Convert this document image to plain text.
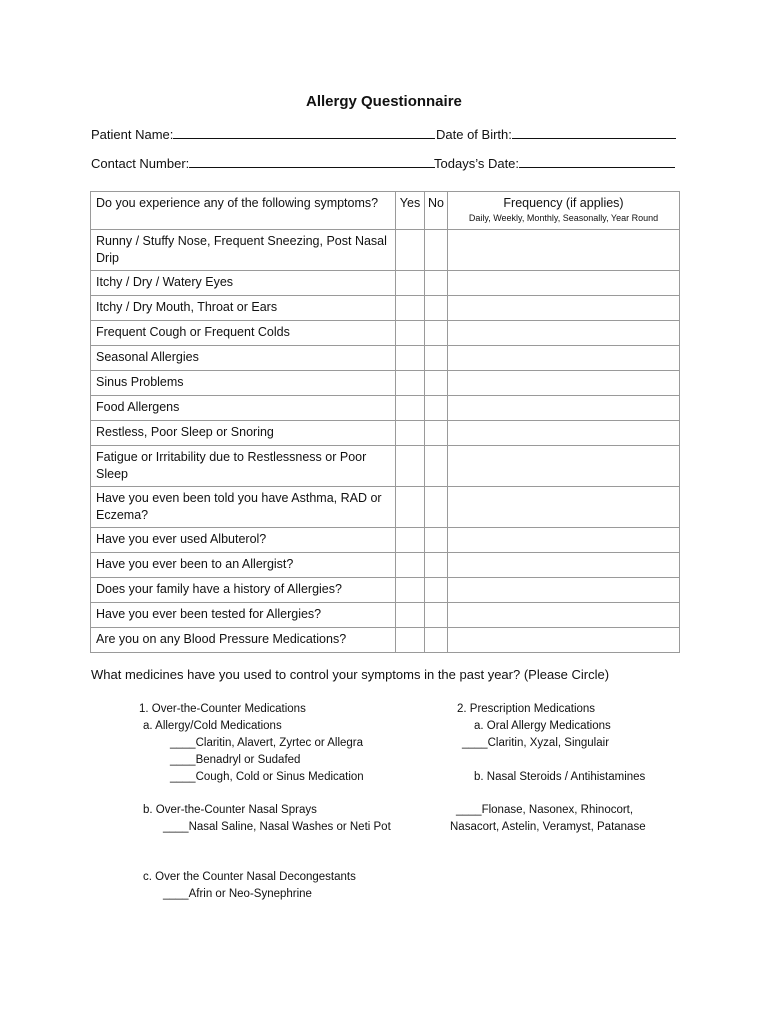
Allergy Questionnaire
Patient Name:	Date of Birth:
Contact Number:	Todays’s Date:
Do you experience any of the following symptoms?	Yes	No	Frequency (if applies)
Daily, Weekly, Monthly, Seasonally, Year Round

Runny / Stuffy Nose, Frequent Sneezing, Post Nasal Drip			
Itchy / Dry / Watery Eyes			
Itchy / Dry Mouth, Throat or Ears			
Frequent Cough or Frequent Colds			
Seasonal Allergies			
Sinus Problems			
Food Allergens			
Restless, Poor Sleep or Snoring			
Fatigue or Irritability due to Restlessness or Poor Sleep			
Have you even been told you have Asthma, RAD or Eczema?			
Have you ever used Albuterol?			
Have you ever been to an Allergist?			
Does your family have a history of Allergies?			
Have you ever been tested for Allergies?			
Are you on any Blood Pressure Medications?			
What medicines have you used to control your symptoms in the past year? (Please Circle)
1. Over-the-Counter Medications
a. Allergy/Cold Medications
____Claritin, Alavert, Zyrtec or Allegra
____Benadryl or Sudafed
____Cough, Cold or Sinus Medication
b. Over-the-Counter Nasal Sprays
____Nasal Saline, Nasal Washes or Neti Pot
c. Over the Counter Nasal Decongestants
____Afrin or Neo-Synephrine
2. Prescription Medications
a. Oral Allergy Medications
____Claritin, Xyzal, Singulair
b. Nasal Steroids / Antihistamines
____Flonase, Nasonex, Rhinocort,
Nasacort, Astelin, Veramyst, Patanase
